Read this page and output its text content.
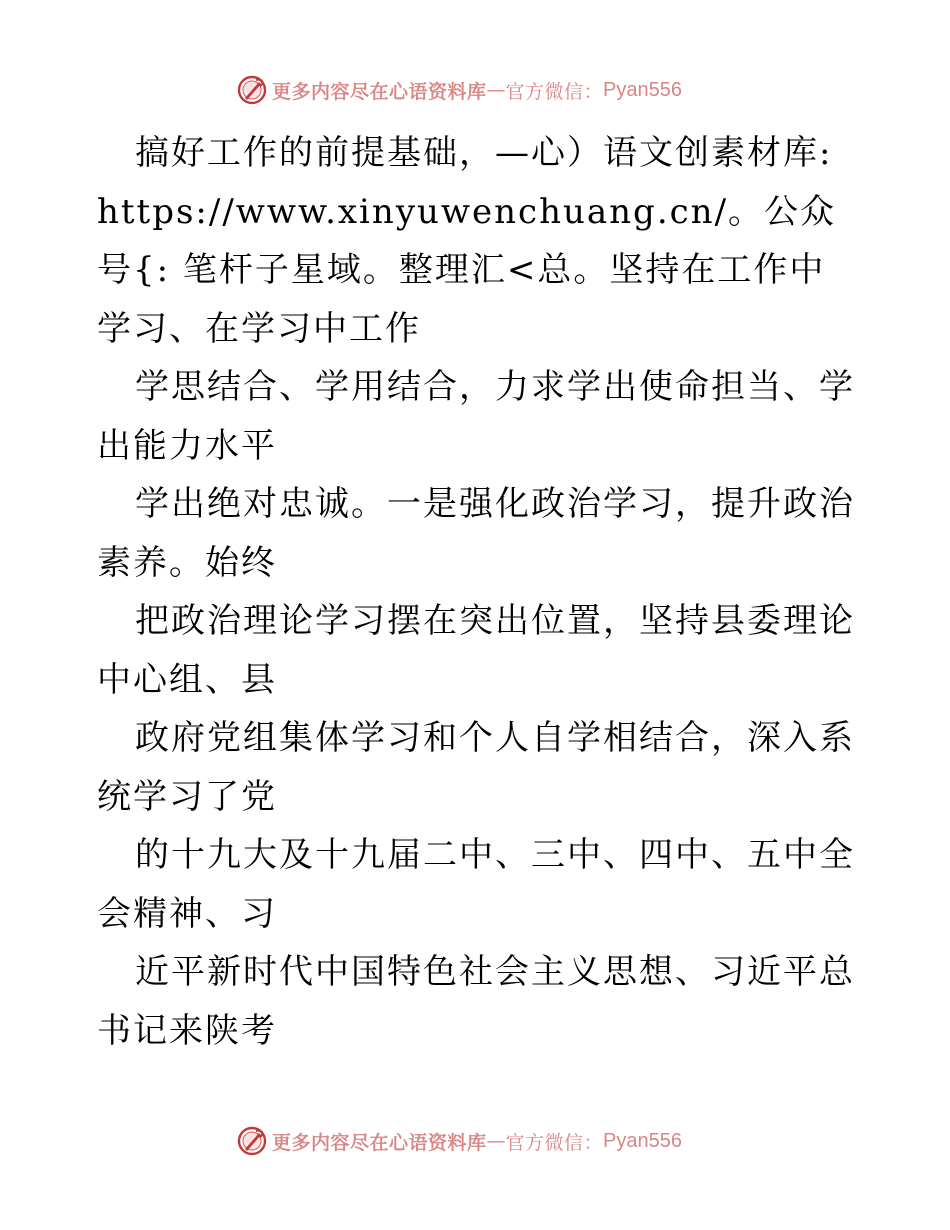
更多内容尽在心语资料库 — 官方微信： Pyan556

搞好工作的前提基础，—心）语文创素材库: https://www.xinyuwenchuang.cn/。公众号{: 笔杆子星域。整理汇<总。坚持在工作中学习、在学习中工作

学思结合、学用结合，力求学出使命担当、学出能力水平

学出绝对忠诚。一是强化政治学习，提升政治素养。始终

把政治理论学习摆在突出位置，坚持县委理论中心组、县

政府党组集体学习和个人自学相结合，深入系统学习了党

的十九大及十九届二中、三中、四中、五中全会精神、习

近平新时代中国特色社会主义思想、习近平总书记来陕考

更多内容尽在心语资料库 — 官方微信： Pyan556
